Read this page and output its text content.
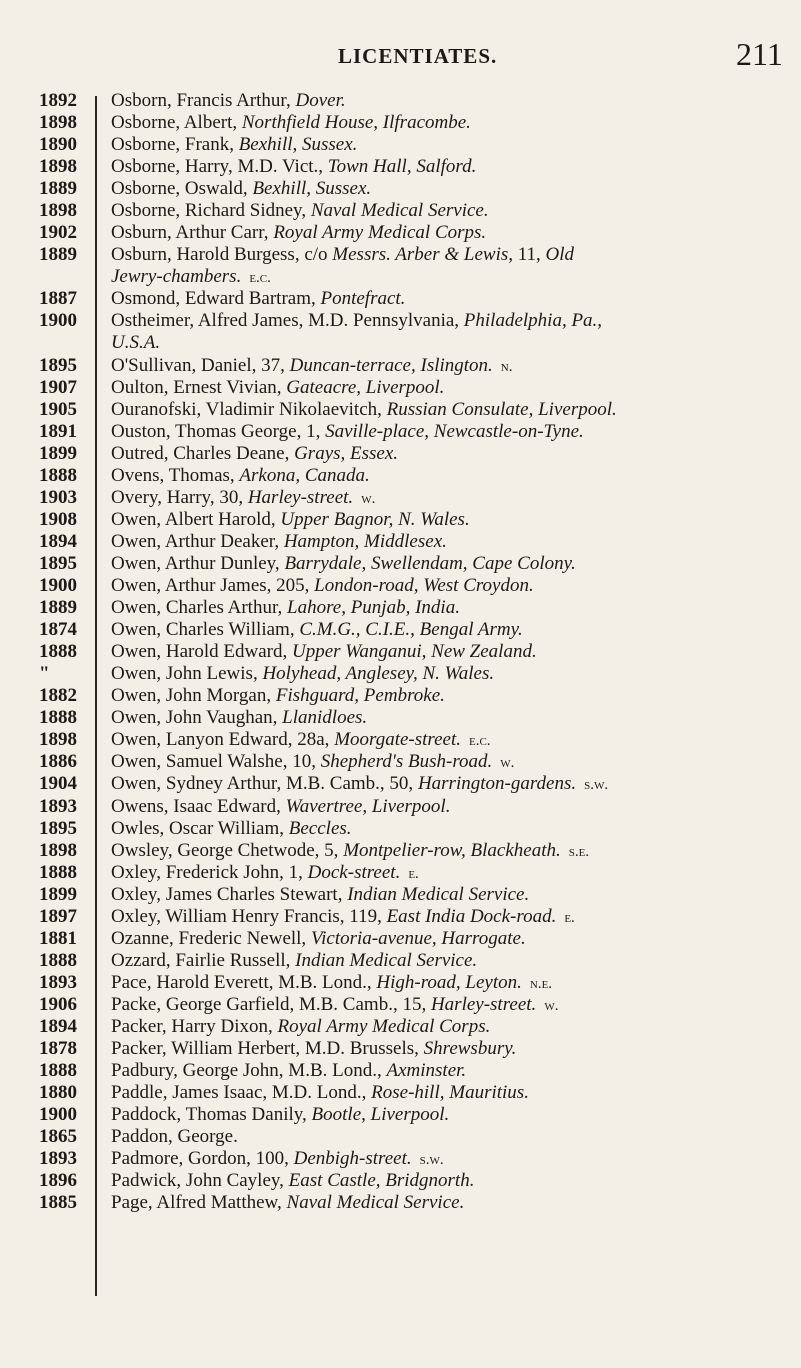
LICENTIATES.	211
1892	Osborn, Francis Arthur, Dover.
1898	Osborne, Albert, Northfield House, Ilfracombe.
1890	Osborne, Frank, Bexhill, Sussex.
1898	Osborne, Harry, M.D. Vict., Town Hall, Salford.
1889	Osborne, Oswald, Bexhill, Sussex.
1898	Osborne, Richard Sidney, Naval Medical Service.
1902	Osburn, Arthur Carr, Royal Army Medical Corps.
1889	Osburn, Harold Burgess, c/o Messrs. Arber & Lewis, 11, Old
Jewry-chambers. e.c.
1887	Osmond, Edward Bartram, Pontefract.
1900	Ostheimer, Alfred James, M.D. Pennsylvania, Philadelphia, Pa.,
U.S.A.
1895	O'Sullivan, Daniel, 37, Duncan-terrace, Islington. n.
1907	Oulton, Ernest Vivian, Gateacre, Liverpool.
1905	Ouranofski, Vladimir Nikolaevitch, Russian Consulate, Liverpool.
1891	Ouston, Thomas George, 1, Saville-place, Newcastle-on-Tyne.
1899	Outred, Charles Deane, Grays, Essex.
1888	Ovens, Thomas, Arkona, Canada.
1903	Overy, Harry, 30, Harley-street. w.
1908	Owen, Albert Harold, Upper Bagnor, N. Wales.
1894	Owen, Arthur Deaker, Hampton, Middlesex.
1895	Owen, Arthur Dunley, Barrydale, Swellendam, Cape Colony.
1900	Owen, Arthur James, 205, London-road, West Croydon.
1889	Owen, Charles Arthur, Lahore, Punjab, India.
1874	Owen, Charles William, C.M.G., C.I.E., Bengal Army.
1888	Owen, Harold Edward, Upper Wanganui, New Zealand.
"	Owen, John Lewis, Holyhead, Anglesey, N. Wales.
1882	Owen, John Morgan, Fishguard, Pembroke.
1888	Owen, John Vaughan, Llanidloes.
1898	Owen, Lanyon Edward, 28a, Moorgate-street. e.c.
1886	Owen, Samuel Walshe, 10, Shepherd's Bush-road. w.
1904	Owen, Sydney Arthur, M.B. Camb., 50, Harrington-gardens. s.w.
1893	Owens, Isaac Edward, Wavertree, Liverpool.
1895	Owles, Oscar William, Beccles.
1898	Owsley, George Chetwode, 5, Montpelier-row, Blackheath. s.e.
1888	Oxley, Frederick John, 1, Dock-street. e.
1899	Oxley, James Charles Stewart, Indian Medical Service.
1897	Oxley, William Henry Francis, 119, East India Dock-road. e.
1881	Ozanne, Frederic Newell, Victoria-avenue, Harrogate.
1888	Ozzard, Fairlie Russell, Indian Medical Service.
1893	Pace, Harold Everett, M.B. Lond., High-road, Leyton. n.e.
1906	Packe, George Garfield, M.B. Camb., 15, Harley-street. w.
1894	Packer, Harry Dixon, Royal Army Medical Corps.
1878	Packer, William Herbert, M.D. Brussels, Shrewsbury.
1888	Padbury, George John, M.B. Lond., Axminster.
1880	Paddle, James Isaac, M.D. Lond., Rose-hill, Mauritius.
1900	Paddock, Thomas Danily, Bootle, Liverpool.
1865	Paddon, George.
1893	Padmore, Gordon, 100, Denbigh-street. s.w.
1896	Padwick, John Cayley, East Castle, Bridgnorth.
1885	Page, Alfred Matthew, Naval Medical Service.
